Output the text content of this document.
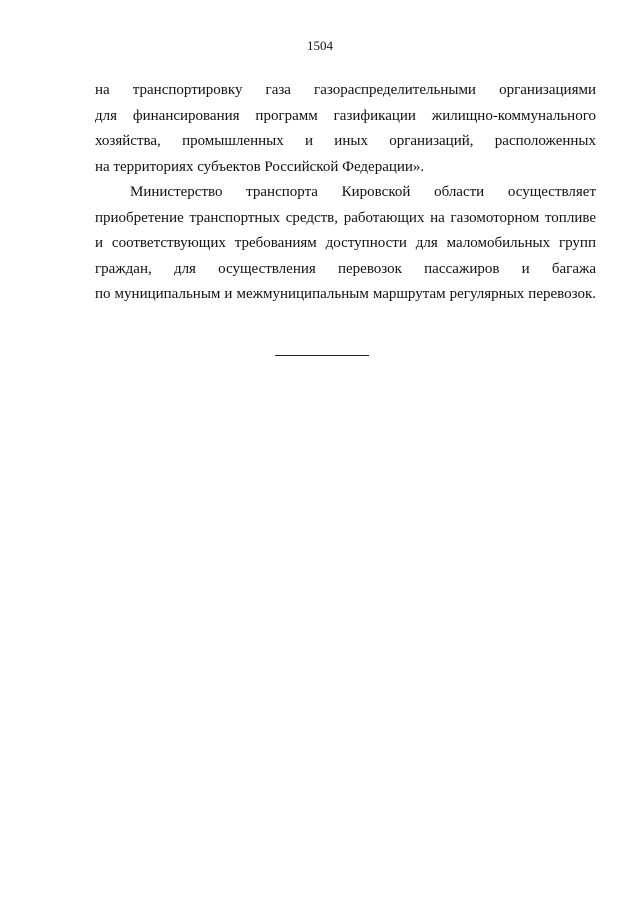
1504
на транспортировку газа газораспределительными организациями
для финансирования программ газификации жилищно-коммунального
хозяйства, промышленных и иных организаций, расположенных
на территориях субъектов Российской Федерации».
Министерство транспорта Кировской области осуществляет
приобретение транспортных средств, работающих на газомоторном топливе
и соответствующих требованиям доступности для маломобильных групп
граждан, для осуществления перевозок пассажиров и багажа
по муниципальным и межмуниципальным маршрутам регулярных перевозок.
